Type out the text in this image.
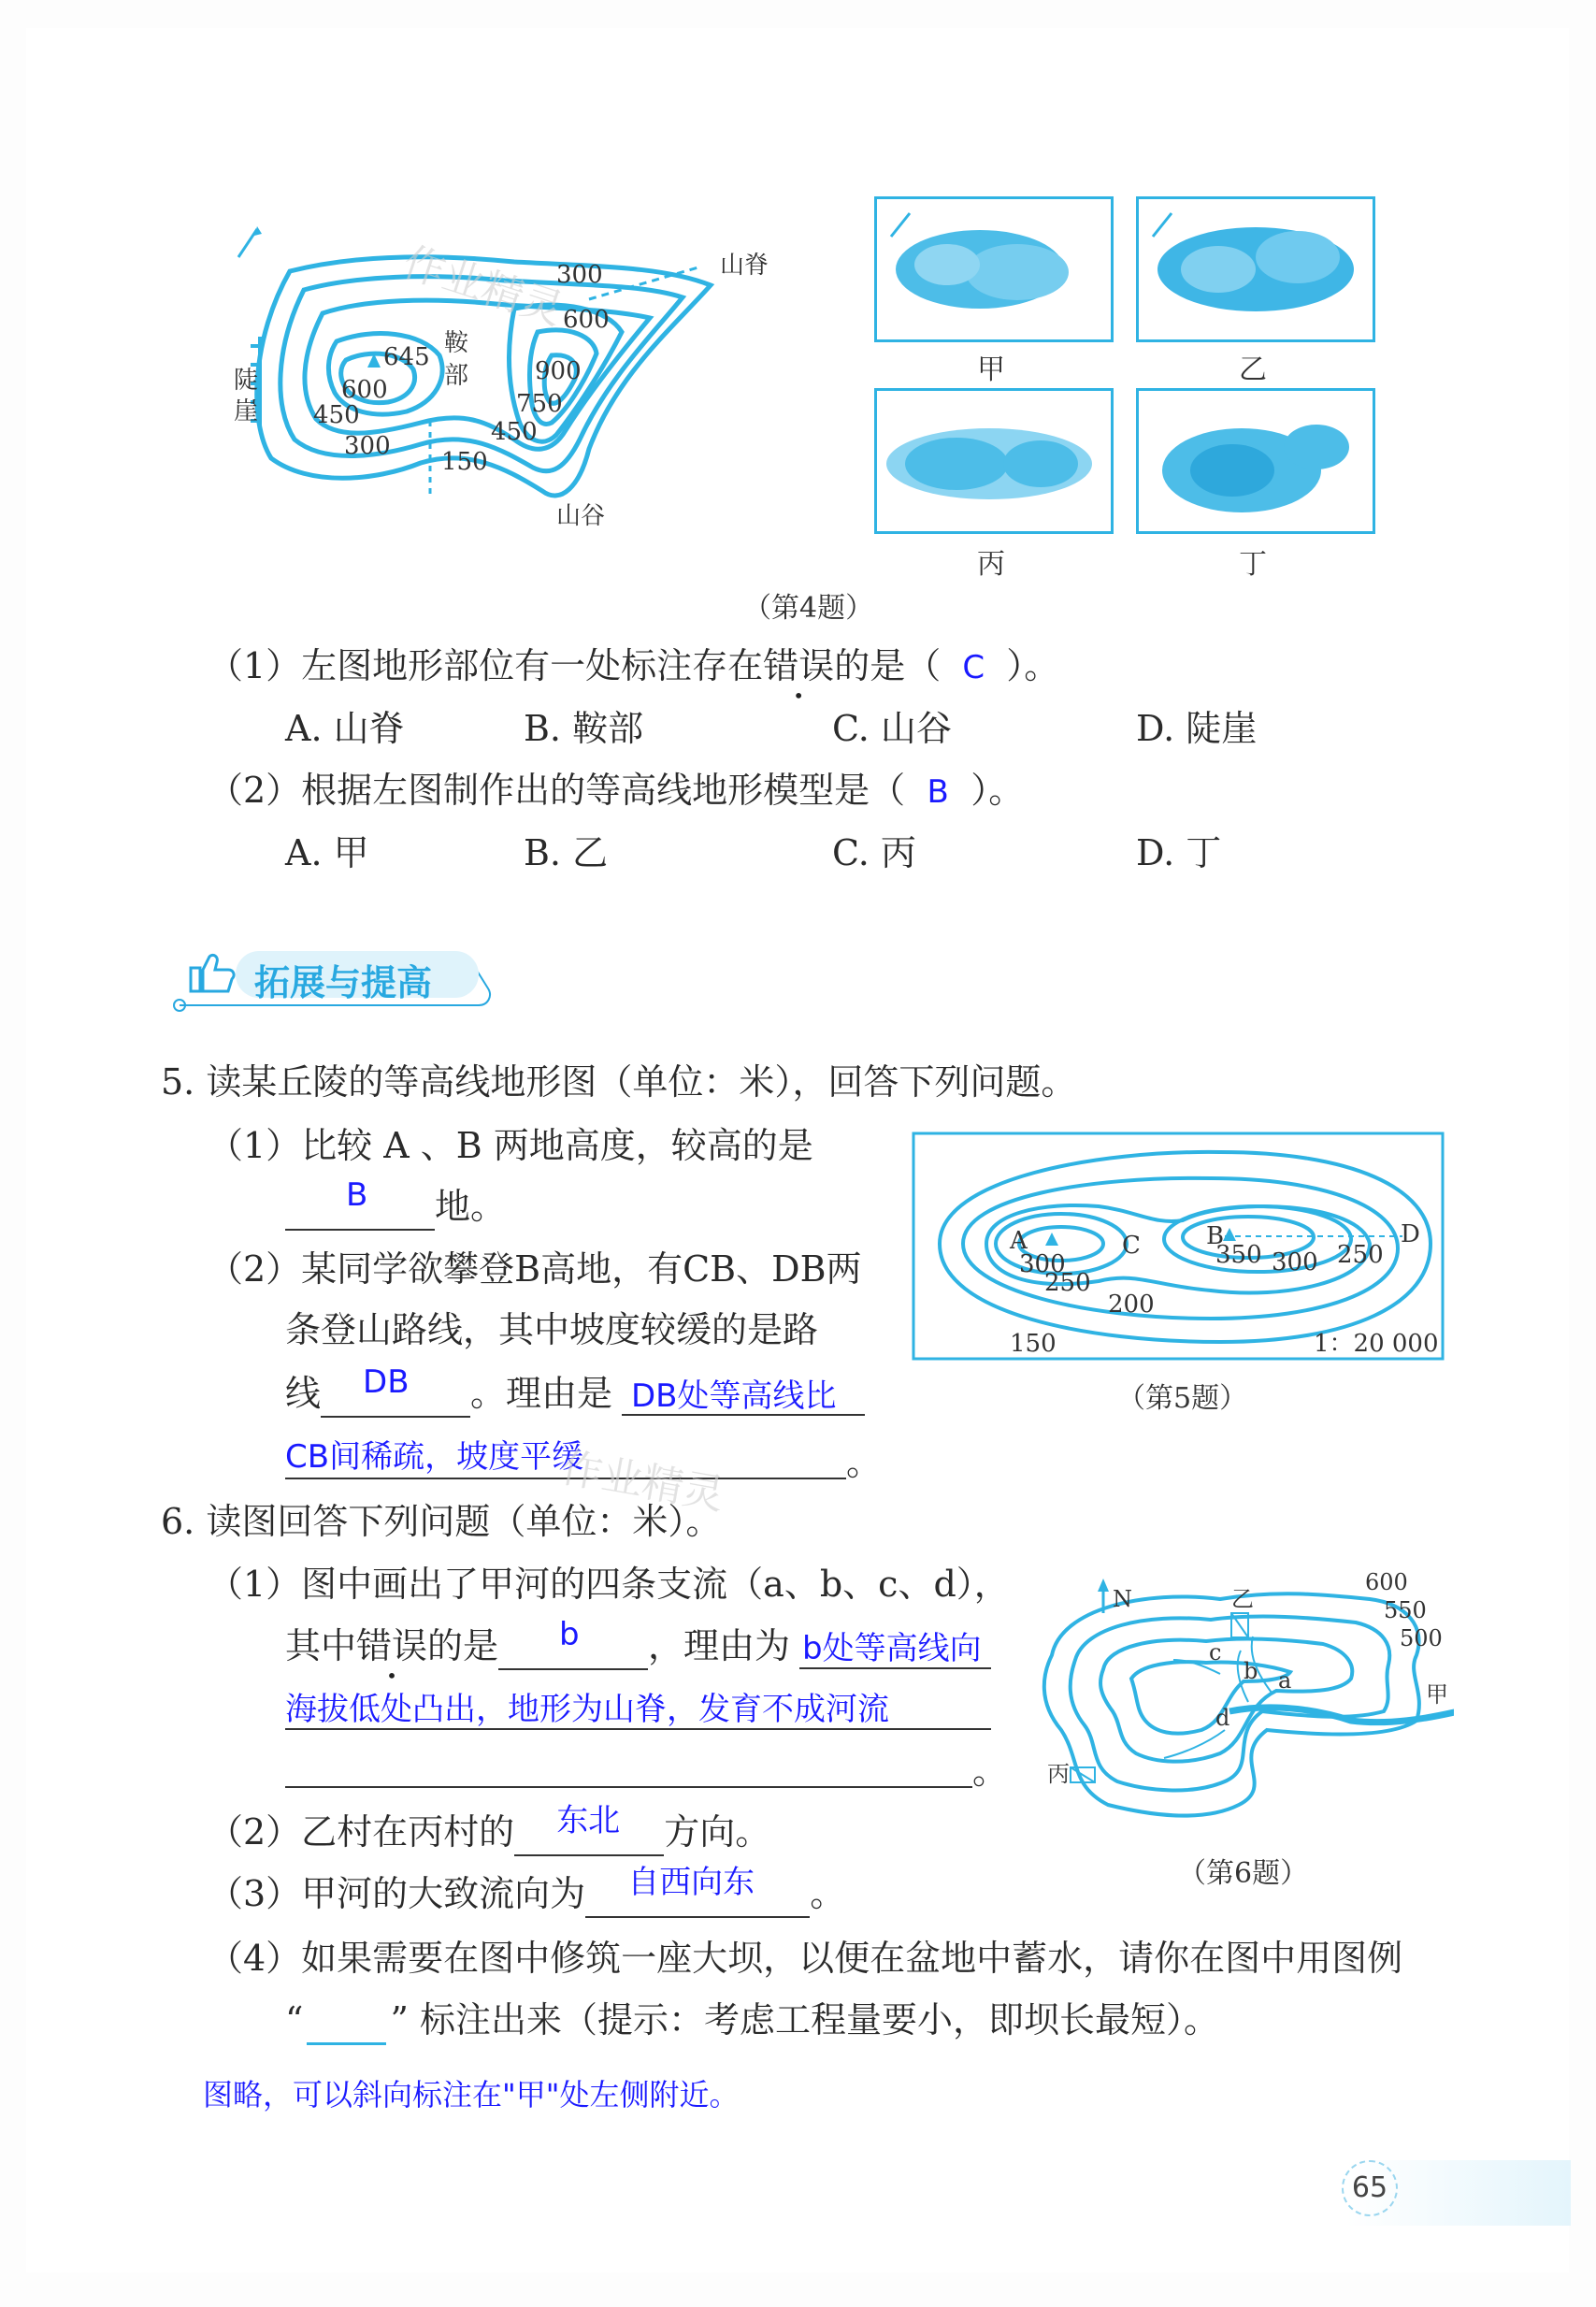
山脊
鞍
部
陡
崖
山谷
300
600
645
600
450
300
900
750
450
150
作业精灵
甲	乙
丙	丁
（第4题）
（1）左图地形部位有一处标注存在错误的是（ C ）。
A. 山脊	B. 鞍部	C. 山谷	D. 陡崖
（2）根据左图制作出的等高线地形模型是（ B ）。
A. 甲	B. 乙	C. 丙	D. 丁
拓展与提高
5. 读某丘陵的等高线地形图（单位：米），回答下列问题。
（1）比较 A 、B 两地高度，较高的是
B 地。
（2）某同学欲攀登B高地，有CB、DB两
条登山路线，其中坡度较缓的是路
线 DB 。理由是 DB处等高线比
CB间稀疏，坡度平缓	。
A	B
C	D
300
250
200
150
350 300 250
1：20 000
（第5题）
作业精灵
6. 读图回答下列问题（单位：米）。
（1）图中画出了甲河的四条支流（a、b、c、d），
其中错误的是 b ，理由为 b处等高线向
海拔低处凸出，地形为山脊，发育不成河流
。
（2）乙村在丙村的 东北 方向。
（3）甲河的大致流向为 自西向东 。
（4）如果需要在图中修筑一座大坝，以便在盆地中蓄水，请你在图中用图例
“ ” 标注出来（提示：考虑工程量要小，即坝长最短）。
图略，可以斜向标注在"甲"处左侧附近。
N	乙
丙
甲
a
b
c
d
600
550
500
（第6题）
65
